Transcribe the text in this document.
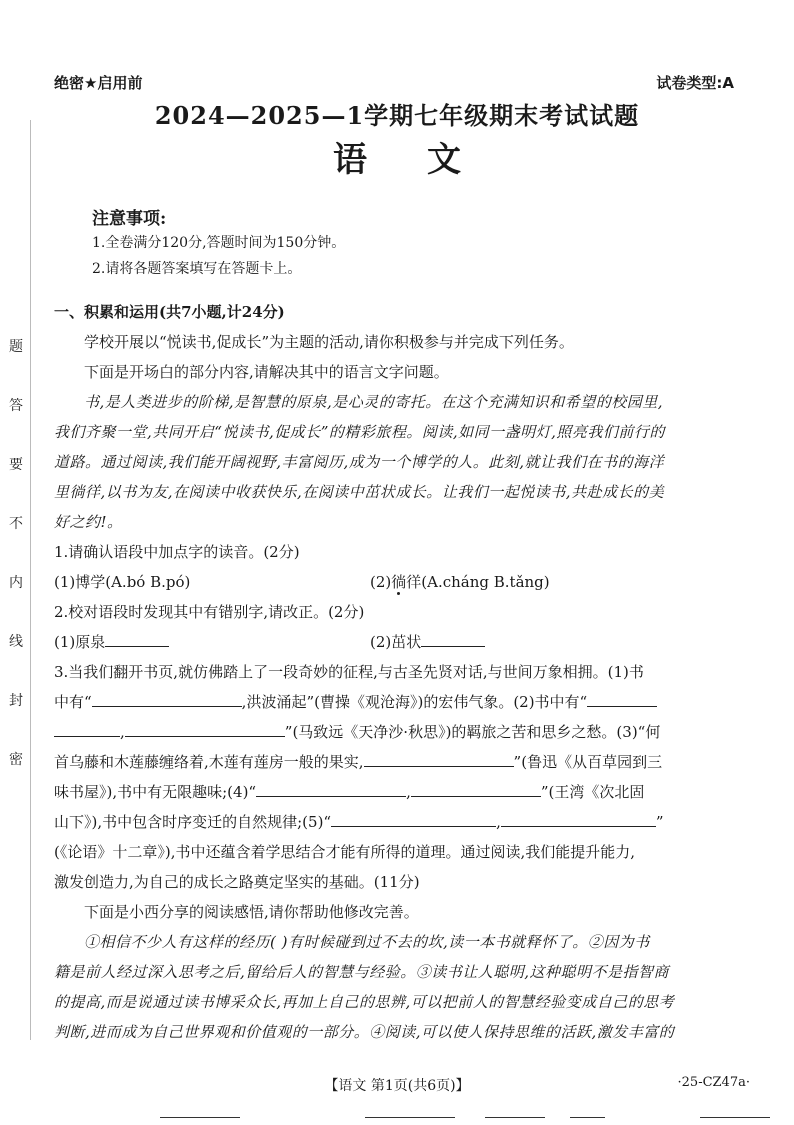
题
答
要
不
内
线
封
密
绝密★启用前	试卷类型:A
2024—2025—1学期七年级期末考试试题
语文
注意事项:
1.全卷满分120分,答题时间为150分钟。
2.请将各题答案填写在答题卡上。
一、积累和运用(共7小题,计24分)
学校开展以“悦读书,促成长”为主题的活动,请你积极参与并完成下列任务。
下面是开场白的部分内容,请解决其中的语言文字问题。
书,是人类进步的阶梯,是智慧的原泉,是心灵的寄托。在这个充满知识和希望的校园里,
我们齐聚一堂,共同开启“悦读书,促成长”的精彩旅程。阅读,如同一盏明灯,照亮我们前行的
道路。通过阅读,我们能开阔视野,丰富阅历,成为一个博学的人。此刻,就让我们在书的海洋
里徜徉,以书为友,在阅读中收获快乐,在阅读中茁状成长。让我们一起悦读书,共赴成长的美
好之约!。
1.请确认语段中加点字的读音。(2分)
(1)博学(A.bó B.pó)	(2)徜徉(A.cháng B.tǎng)
2.校对语段时发现其中有错别字,请改正。(2分)
(1)原泉	(2)茁状
3.当我们翻开书页,就仿佛踏上了一段奇妙的征程,与古圣先贤对话,与世间万象相拥。(1)书
中有“	,洪波涌起”(曹操《观沧海》)的宏伟气象。(2)书中有“
,	”(马致远《天净沙·秋思》)的羁旅之苦和思乡之愁。(3)“何
首乌藤和木莲藤缠络着,木莲有莲房一般的果实,	”(鲁迅《从百草园到三
味书屋》),书中有无限趣味;(4)“	,	”(王湾《次北固
山下》),书中包含时序变迁的自然规律;(5)“	,	”
(《论语》十二章》),书中还蕴含着学思结合才能有所得的道理。通过阅读,我们能提升能力,
激发创造力,为自己的成长之路奠定坚实的基础。(11分)
下面是小西分享的阅读感悟,请你帮助他修改完善。
①相信不少人有这样的经历( )有时候碰到过不去的坎,读一本书就释怀了。②因为书
籍是前人经过深入思考之后,留给后人的智慧与经验。③读书让人聪明,这种聪明不是指智商
的提高,而是说通过读书博采众长,再加上自己的思辨,可以把前人的智慧经验变成自己的思考
判断,进而成为自己世界观和价值观的一部分。④阅读,可以使人保持思维的活跃,激发丰富的
【语文 第1页(共6页)】	·25-CZ47a·
